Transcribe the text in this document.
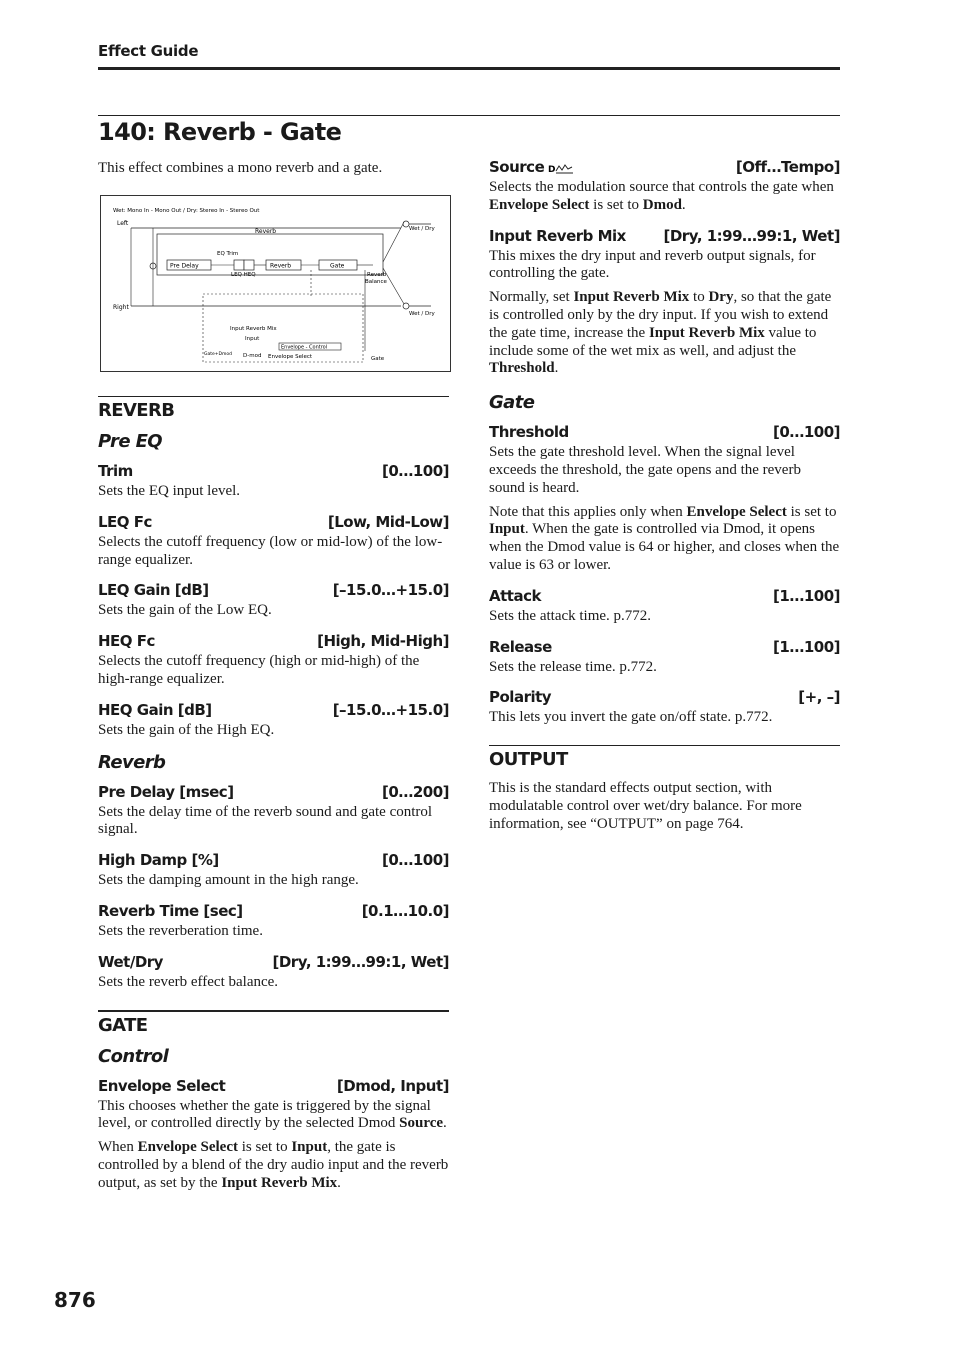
Effect Guide
140: Reverb - Gate
This effect combines a mono reverb and a gate.
Wet: Mono In - Mono Out / Dry: Stereo In - Stereo Out
Left
Right
Reverb
EQ Trim
Pre Delay
LEQ HEQ
Reverb	Gate
Reverb
Balance
Wet / Dry
Wet / Dry
Input Reverb Mix
Input
Envelope - Control
Gate+Dmod D-mod Envelope Select	Gate
REVERB
Pre EQ
Trim	[0…100]

Sets the EQ input level.

LEQ Fc	[Low, Mid-Low]

Selects the cutoff frequency (low or mid-low) of the low-range equalizer.

LEQ Gain [dB]	[–15.0…+15.0]

Sets the gain of the Low EQ.

HEQ Fc	[High, Mid-High]

Selects the cutoff frequency (high or mid-high) of the high-range equalizer.

HEQ Gain [dB]	[–15.0…+15.0]

Sets the gain of the High EQ.

Reverb
Pre Delay [msec]	[0…200]

Sets the delay time of the reverb sound and gate control signal.

High Damp [%]	[0…100]

Sets the damping amount in the high range.

Reverb Time [sec]	[0.1…10.0]

Sets the reverberation time.

Wet/Dry	[Dry, 1:99…99:1, Wet]

Sets the reverb effect balance.

GATE
Control
Envelope Select	[Dmod, Input]

This chooses whether the gate is triggered by the signal level, or controlled directly by the selected Dmod Source.

When Envelope Select is set to Input, the gate is controlled by a blend of the dry audio input and the reverb output, as set by the Input Reverb Mix.

Source D	[Off…Tempo]

Selects the modulation source that controls the gate when Envelope Select is set to Dmod.

Input Reverb Mix	[Dry, 1:99…99:1, Wet]

This mixes the dry input and reverb output signals, for controlling the gate.

Normally, set Input Reverb Mix to Dry, so that the gate is controlled only by the dry input. If you wish to extend the gate time, increase the Input Reverb Mix value to include some of the wet mix as well, and adjust the Threshold.

Gate
Threshold	[0…100]

Sets the gate threshold level. When the signal level exceeds the threshold, the gate opens and the reverb sound is heard.

Note that this applies only when Envelope Select is set to Input. When the gate is controlled via Dmod, it opens when the Dmod value is 64 or higher, and closes when the value is 63 or lower.

Attack	[1…100]

Sets the attack time. p.772.

Release	[1…100]

Sets the release time. p.772.

Polarity	[+, –]

This lets you invert the gate on/off state. p.772.

OUTPUT

This is the standard effects output section, with modulatable control over wet/dry balance. For more information, see “OUTPUT” on page 764.

876
